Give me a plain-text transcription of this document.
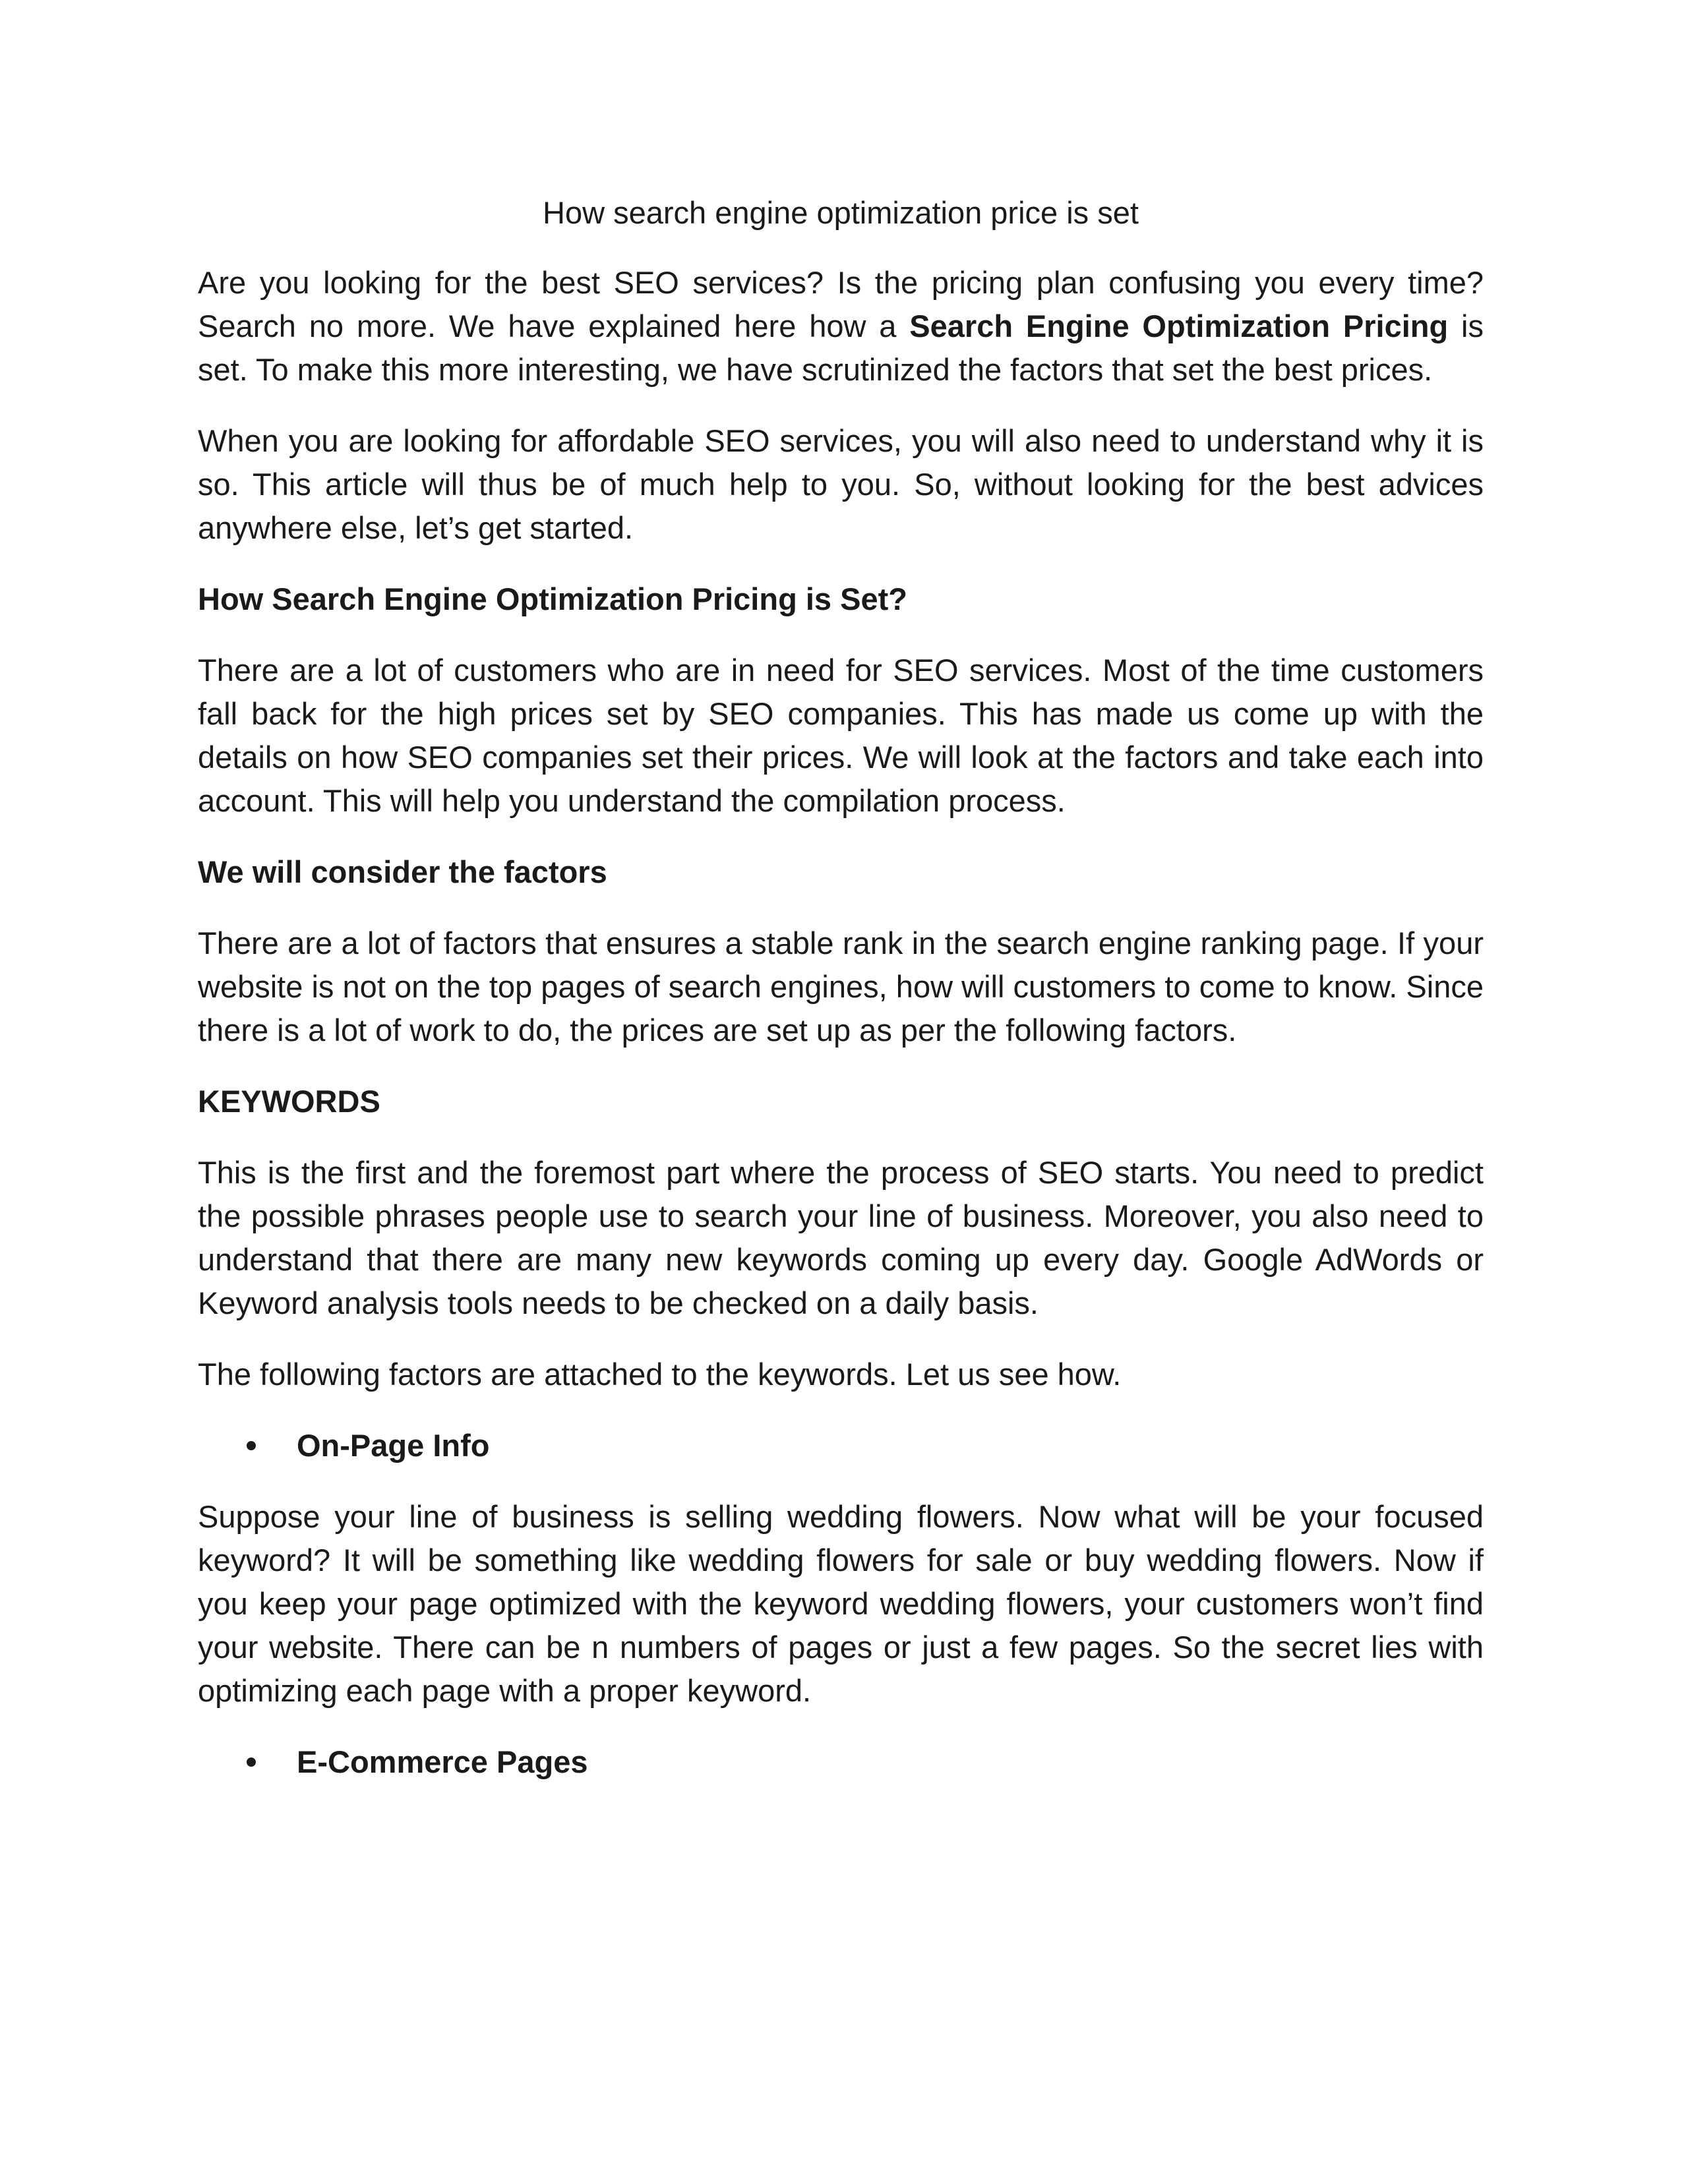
How search engine optimization price is set

Are you looking for the best SEO services? Is the pricing plan confusing you every time? Search no more. We have explained here how a Search Engine Optimization Pricing is set. To make this more interesting, we have scrutinized the factors that set the best prices.

When you are looking for affordable SEO services, you will also need to understand why it is so. This article will thus be of much help to you. So, without looking for the best advices anywhere else, let’s get started.

How Search Engine Optimization Pricing is Set?

There are a lot of customers who are in need for SEO services. Most of the time customers fall back for the high prices set by SEO companies. This has made us come up with the details on how SEO companies set their prices. We will look at the factors and take each into account. This will help you understand the compilation process.

We will consider the factors

There are a lot of factors that ensures a stable rank in the search engine ranking page. If your website is not on the top pages of search engines, how will customers to come to know. Since there is a lot of work to do, the prices are set up as per the following factors.

KEYWORDS

This is the first and the foremost part where the process of SEO starts. You need to predict the possible phrases people use to search your line of business. Moreover, you also need to understand that there are many new keywords coming up every day. Google AdWords or Keyword analysis tools needs to be checked on a daily basis.

The following factors are attached to the keywords. Let us see how.

On-Page Info

Suppose your line of business is selling wedding flowers. Now what will be your focused keyword? It will be something like wedding flowers for sale or buy wedding flowers. Now if you keep your page optimized with the keyword wedding flowers, your customers won’t find your website. There can be n numbers of pages or just a few pages. So the secret lies with optimizing each page with a proper keyword.

E-Commerce Pages
